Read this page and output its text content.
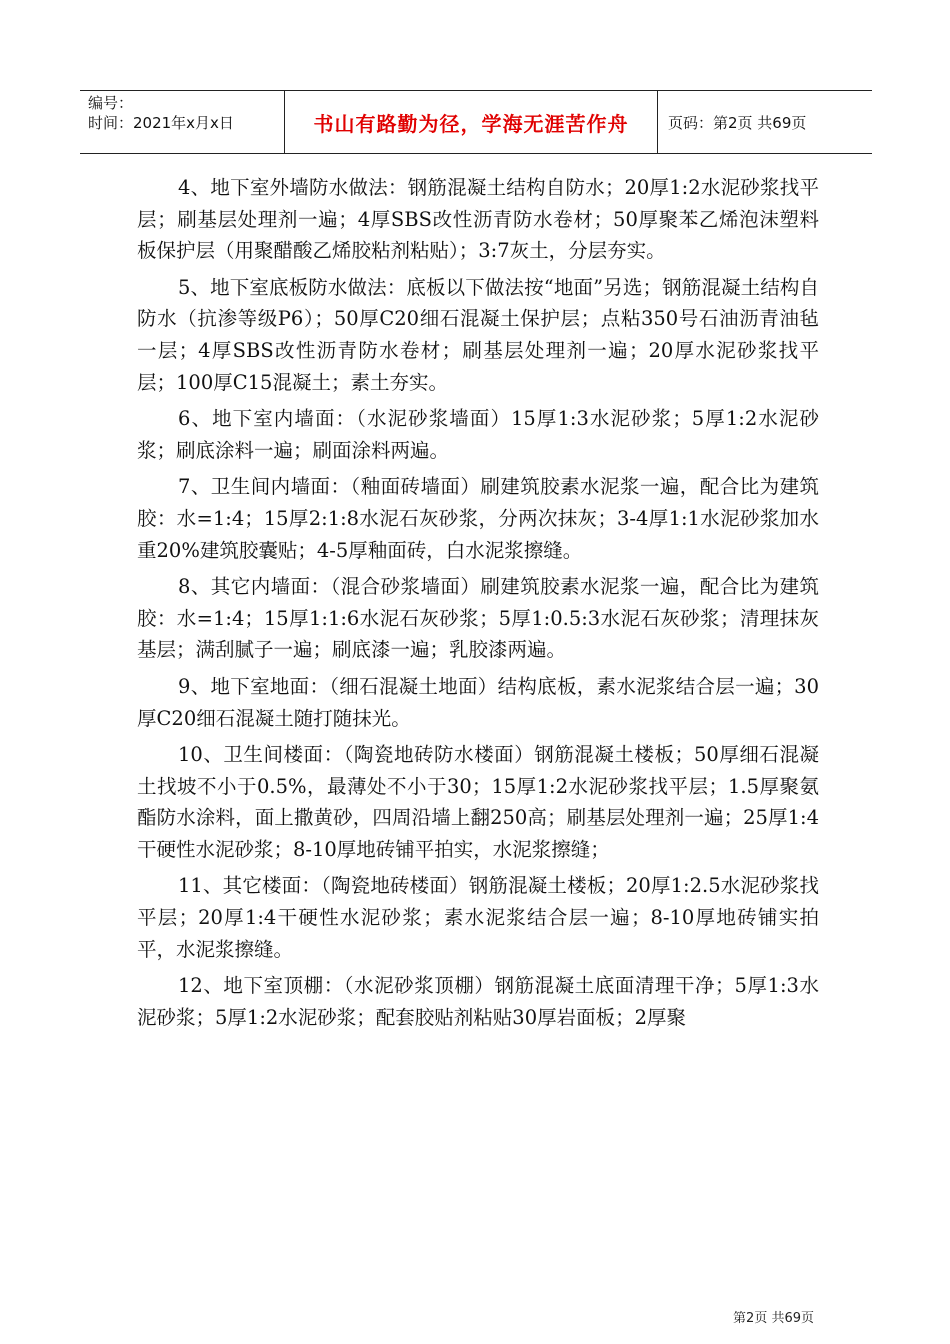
编号：
时间：2021年x月x日	书山有路勤为径，学海无涯苦作舟	页码：第2页 共69页

4、地下室外墙防水做法：钢筋混凝土结构自防水；20厚1:2水泥砂浆找平层；刷基层处理剂一遍；4厚SBS改性沥青防水卷材；50厚聚苯乙烯泡沫塑料板保护层（用聚醋酸乙烯胶粘剂粘贴）；3:7灰土，分层夯实。

5、地下室底板防水做法：底板以下做法按“地面”另选；钢筋混凝土结构自防水（抗渗等级P6）；50厚C20细石混凝土保护层；点粘350号石油沥青油毡一层；4厚SBS改性沥青防水卷材；刷基层处理剂一遍；20厚水泥砂浆找平层；100厚C15混凝土；素土夯实。

6、地下室内墙面：（水泥砂浆墙面）15厚1:3水泥砂浆；5厚1:2水泥砂浆；刷底涂料一遍；刷面涂料两遍。

7、卫生间内墙面：（釉面砖墙面）刷建筑胶素水泥浆一遍，配合比为建筑胶：水=1:4；15厚2:1:8水泥石灰砂浆，分两次抹灰；3-4厚1:1水泥砂浆加水重20%建筑胶囊贴；4-5厚釉面砖，白水泥浆擦缝。

8、其它内墙面：（混合砂浆墙面）刷建筑胶素水泥浆一遍，配合比为建筑胶：水=1:4；15厚1:1:6水泥石灰砂浆；5厚1:0.5:3水泥石灰砂浆；清理抹灰基层；满刮腻子一遍；刷底漆一遍；乳胶漆两遍。

9、地下室地面：（细石混凝土地面）结构底板，素水泥浆结合层一遍；30厚C20细石混凝土随打随抹光。

10、卫生间楼面：（陶瓷地砖防水楼面）钢筋混凝土楼板；50厚细石混凝土找坡不小于0.5%，最薄处不小于30；15厚1:2水泥砂浆找平层；1.5厚聚氨酯防水涂料，面上撒黄砂，四周沿墙上翻250高；刷基层处理剂一遍；25厚1:4干硬性水泥砂浆；8-10厚地砖铺平拍实，水泥浆擦缝；

11、其它楼面：（陶瓷地砖楼面）钢筋混凝土楼板；20厚1:2.5水泥砂浆找平层；20厚1:4干硬性水泥砂浆；素水泥浆结合层一遍；8-10厚地砖铺实拍平，水泥浆擦缝。

12、地下室顶棚：（水泥砂浆顶棚）钢筋混凝土底面清理干净；5厚1:3水泥砂浆；5厚1:2水泥砂浆；配套胶贴剂粘贴30厚岩面板；2厚聚

第2页 共69页
